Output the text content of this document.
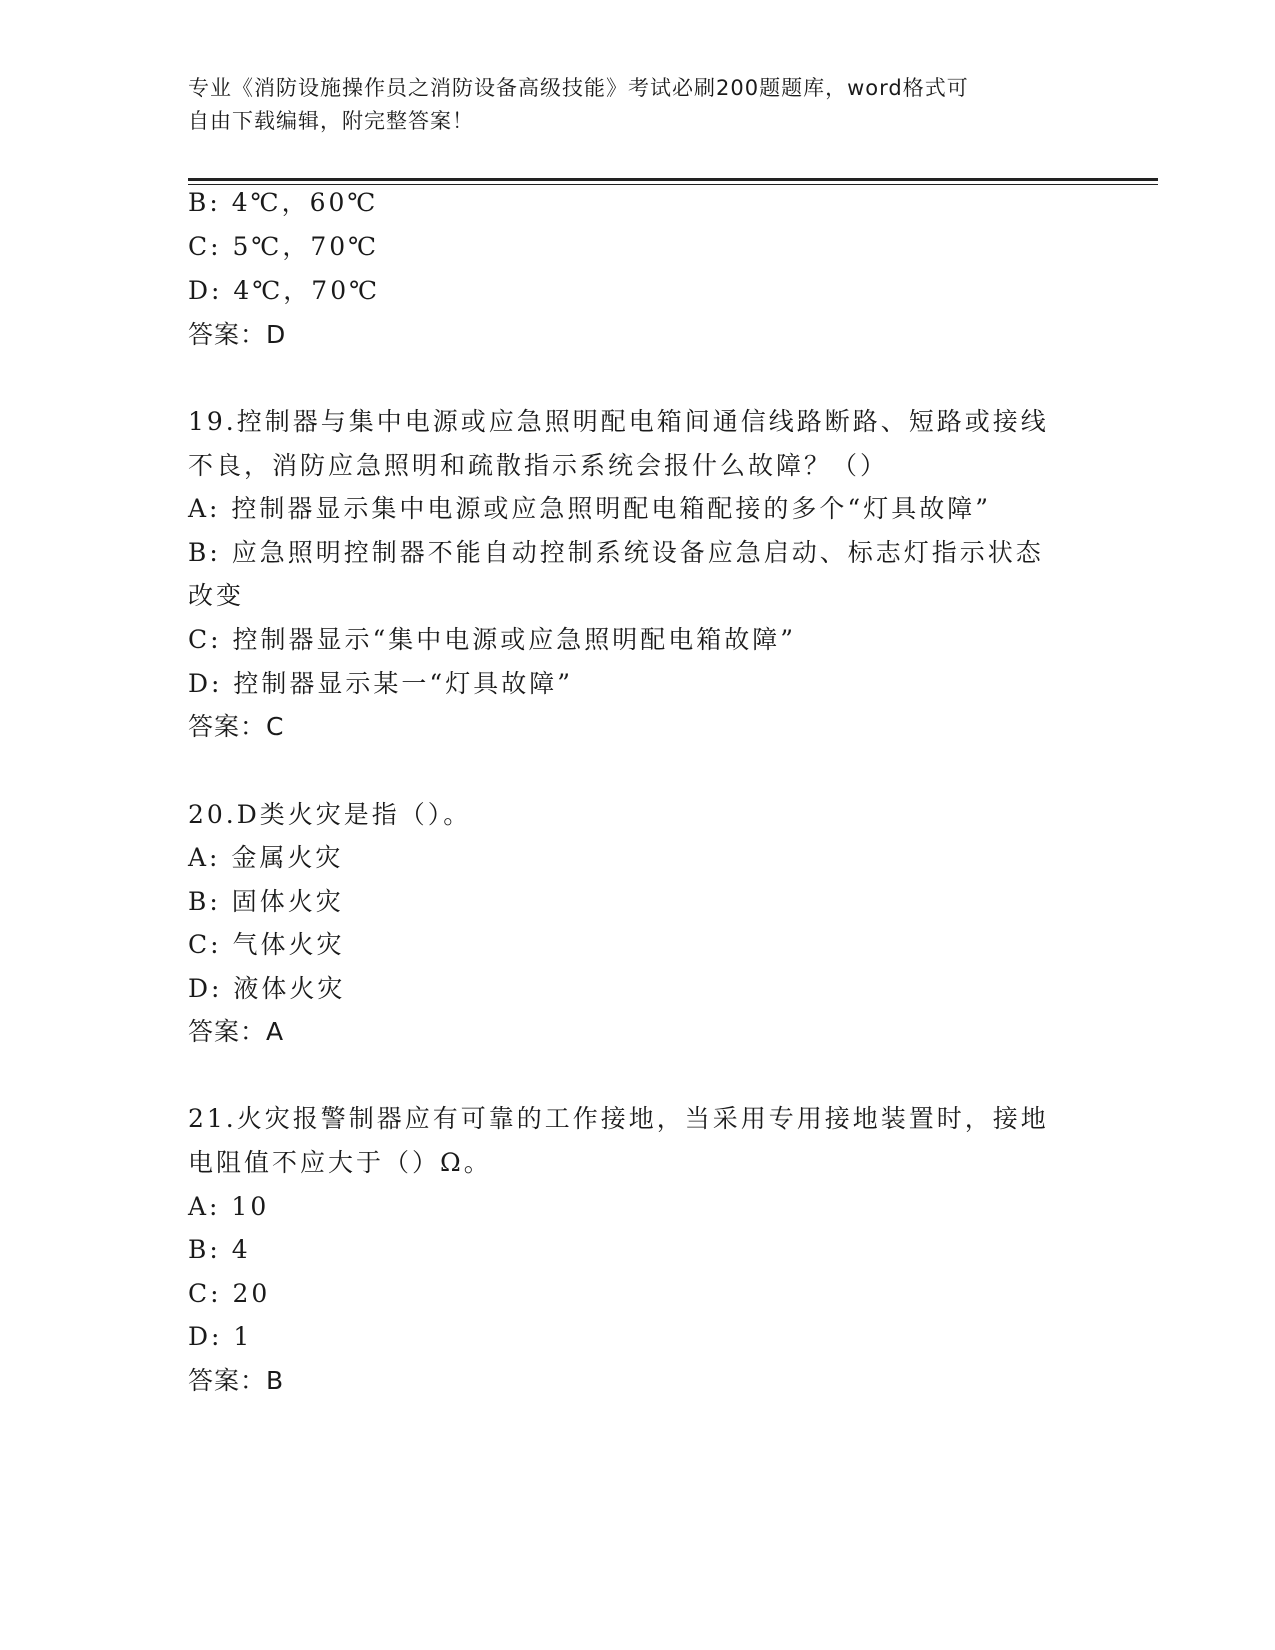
专业《消防设施操作员之消防设备高级技能》考试必刷200题题库，word格式可
自由下载编辑，附完整答案！
B: 4℃，60℃
C: 5℃，70℃
D: 4℃，70℃
答案：D
19.控制器与集中电源或应急照明配电箱间通信线路断路、短路或接线
不良，消防应急照明和疏散指示系统会报什么故障？（）
A: 控制器显示集中电源或应急照明配电箱配接的多个“灯具故障”
B: 应急照明控制器不能自动控制系统设备应急启动、标志灯指示状态
改变
C: 控制器显示“集中电源或应急照明配电箱故障”
D: 控制器显示某一“灯具故障”
答案：C
20.D类火灾是指（）。
A: 金属火灾
B: 固体火灾
C: 气体火灾
D: 液体火灾
答案：A
21.火灾报警制器应有可靠的工作接地，当采用专用接地装置时，接地
电阻值不应大于（）Ω。
A: 10
B: 4
C: 20
D: 1
答案：B
